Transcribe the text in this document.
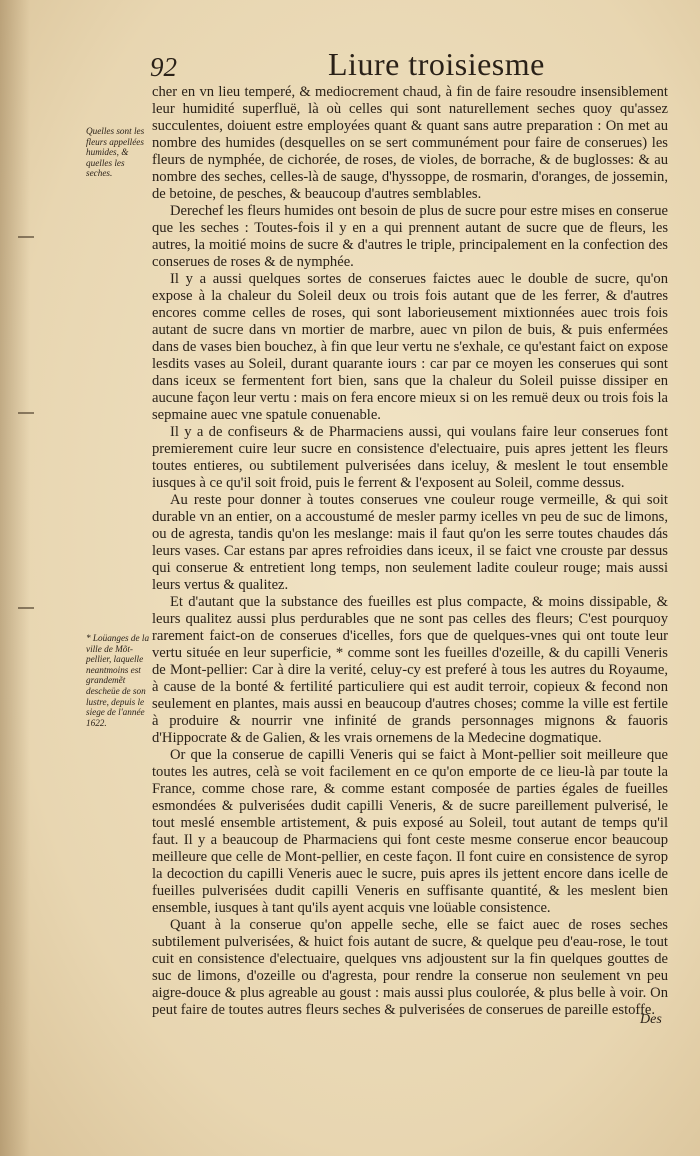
92	Liure troisiesme
Quelles sont les fleurs appellées humides, & quelles les seches.
* Loüanges de la ville de Mõt-pellier, laquelle neantmoins est grandemẽt descheüe de son lustre, depuis le siege de l'année 1622.

cher en vn lieu temperé, & mediocrement chaud, à fin de faire resoudre insensiblement leur humidité superfluë, là où celles qui sont naturellement seches quoy qu'assez succulentes, doiuent estre employées quant & quant sans autre preparation : On met au nombre des humides (desquelles on se sert communément pour faire de conserues) les fleurs de nymphée, de cichorée, de roses, de violes, de borrache, & de buglosses: & au nombre des seches, celles-là de sauge, d'hyssoppe, de rosmarin, d'oranges, de jossemin, de betoine, de pesches, & beaucoup d'autres semblables.

Derechef les fleurs humides ont besoin de plus de sucre pour estre mises en conserue que les seches : Toutes-fois il y en a qui prennent autant de sucre que de fleurs, les autres, la moitié moins de sucre & d'autres le triple, principalement en la confection des conserues de roses & de nymphée.

Il y a aussi quelques sortes de conserues faictes auec le double de sucre, qu'on expose à la chaleur du Soleil deux ou trois fois autant que de les ferrer, & d'autres encores comme celles de roses, qui sont laborieusement mixtionnées auec trois fois autant de sucre dans vn mortier de marbre, auec vn pilon de buis, & puis enfermées dans de vases bien bouchez, à fin que leur vertu ne s'exhale, ce qu'estant faict on expose lesdits vases au Soleil, durant quarante iours : car par ce moyen les conserues qui sont dans iceux se fermentent fort bien, sans que la chaleur du Soleil puisse dissiper en aucune façon leur vertu : mais on fera encore mieux si on les remuë deux ou trois fois la sepmaine auec vne spatule conuenable.

Il y a de confiseurs & de Pharmaciens aussi, qui voulans faire leur conserues font premierement cuire leur sucre en consistence d'electuaire, puis apres jettent les fleurs toutes entieres, ou subtilement pulverisées dans iceluy, & meslent le tout ensemble iusques à ce qu'il soit froid, puis le ferrent & l'exposent au Soleil, comme dessus.

Au reste pour donner à toutes conserues vne couleur rouge vermeille, & qui soit durable vn an entier, on a accoustumé de mesler parmy icelles vn peu de suc de limons, ou de agresta, tandis qu'on les meslange: mais il faut qu'on les serre toutes chaudes dás leurs vases. Car estans par apres refroidies dans iceux, il se faict vne crouste par dessus qui conserue & entretient long temps, non seulement ladite couleur rouge; mais aussi leurs vertus & qualitez.

Et d'autant que la substance des fueilles est plus compacte, & moins dissipable, & leurs qualitez aussi plus perdurables que ne sont pas celles des fleurs; C'est pourquoy rarement faict-on de conserues d'icelles, fors que de quelques-vnes qui ont toute leur vertu située en leur superficie, * comme sont les fueilles d'ozeille, & du capilli Veneris de Mont-pellier: Car à dire la verité, celuy-cy est preferé à tous les autres du Royaume, à cause de la bonté & fertilité particuliere qui est audit terroir, copieux & fecond non seulement en plantes, mais aussi en beaucoup d'autres choses; comme la ville est fertile à produire & nourrir vne infinité de grands personnages mignons & fauoris d'Hippocrate & de Galien, & les vrais ornemens de la Medecine dogmatique.

Or que la conserue de capilli Veneris qui se faict à Mont-pellier soit meilleure que toutes les autres, celà se voit facilement en ce qu'on emporte de ce lieu-là par toute la France, comme chose rare, & comme estant composée de parties égales de fueilles esmondées & pulverisées dudit capilli Veneris, & de sucre pareillement pulverisé, le tout meslé ensemble artistement, & puis exposé au Soleil, tout autant de temps qu'il faut. Il y a beaucoup de Pharmaciens qui font ceste mesme conserue encor beaucoup meilleure que celle de Mont-pellier, en ceste façon. Il font cuire en consistence de syrop la decoction du capilli Veneris auec le sucre, puis apres ils jettent encore dans icelle de fueilles pulverisées dudit capilli Veneris en suffisante quantité, & les meslent bien ensemble, iusques à tant qu'ils ayent acquis vne loüable consistence.

Quant à la conserue qu'on appelle seche, elle se faict auec de roses seches subtilement pulverisées, & huict fois autant de sucre, & quelque peu d'eau-rose, le tout cuit en consistence d'electuaire, quelques vns adjoustent sur la fin quelques gouttes de suc de limons, d'ozeille ou d'agresta, pour rendre la conserue non seulement vn peu aigre-douce & plus agreable au goust : mais aussi plus coulorée, & plus belle à voir. On peut faire de toutes autres fleurs seches & pulverisées de conserues de pareille estoffe.

Des
